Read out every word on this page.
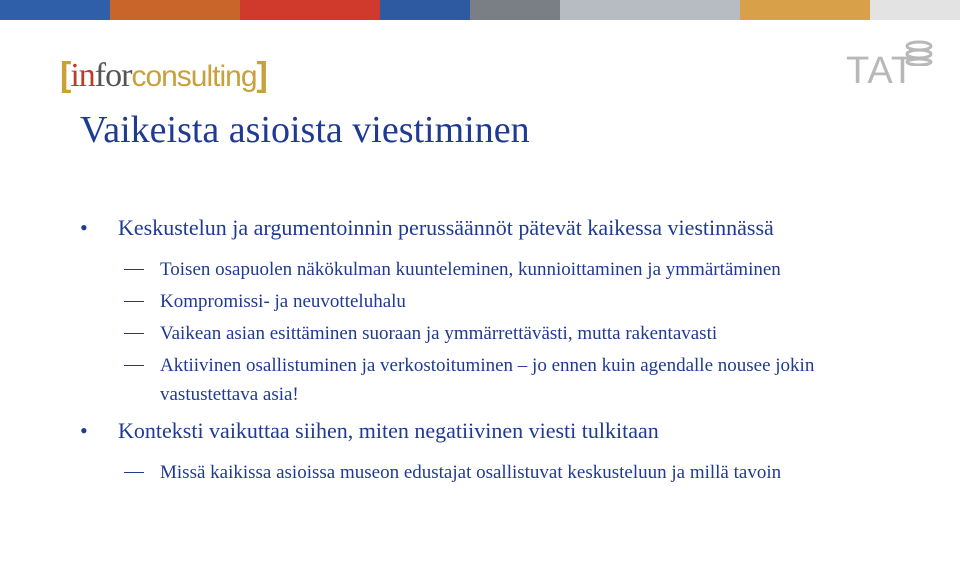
[inforconsulting]	TAT
Vaikeista asioista viestiminen
• Keskustelun ja argumentoinnin perussäännöt pätevät kaikessa viestinnässä
Toisen osapuolen näkökulman kuunteleminen, kunnioittaminen ja ymmärtäminen
Kompromissi- ja neuvotteluhalu
Vaikean asian esittäminen suoraan ja ymmärrettävästi, mutta rakentavasti
Aktiivinen osallistuminen ja verkostoituminen – jo ennen kuin agendalle nousee jokin vastustettava asia!
• Konteksti vaikuttaa siihen, miten negatiivinen viesti tulkitaan
Missä kaikissa asioissa museon edustajat osallistuvat keskusteluun ja millä tavoin
